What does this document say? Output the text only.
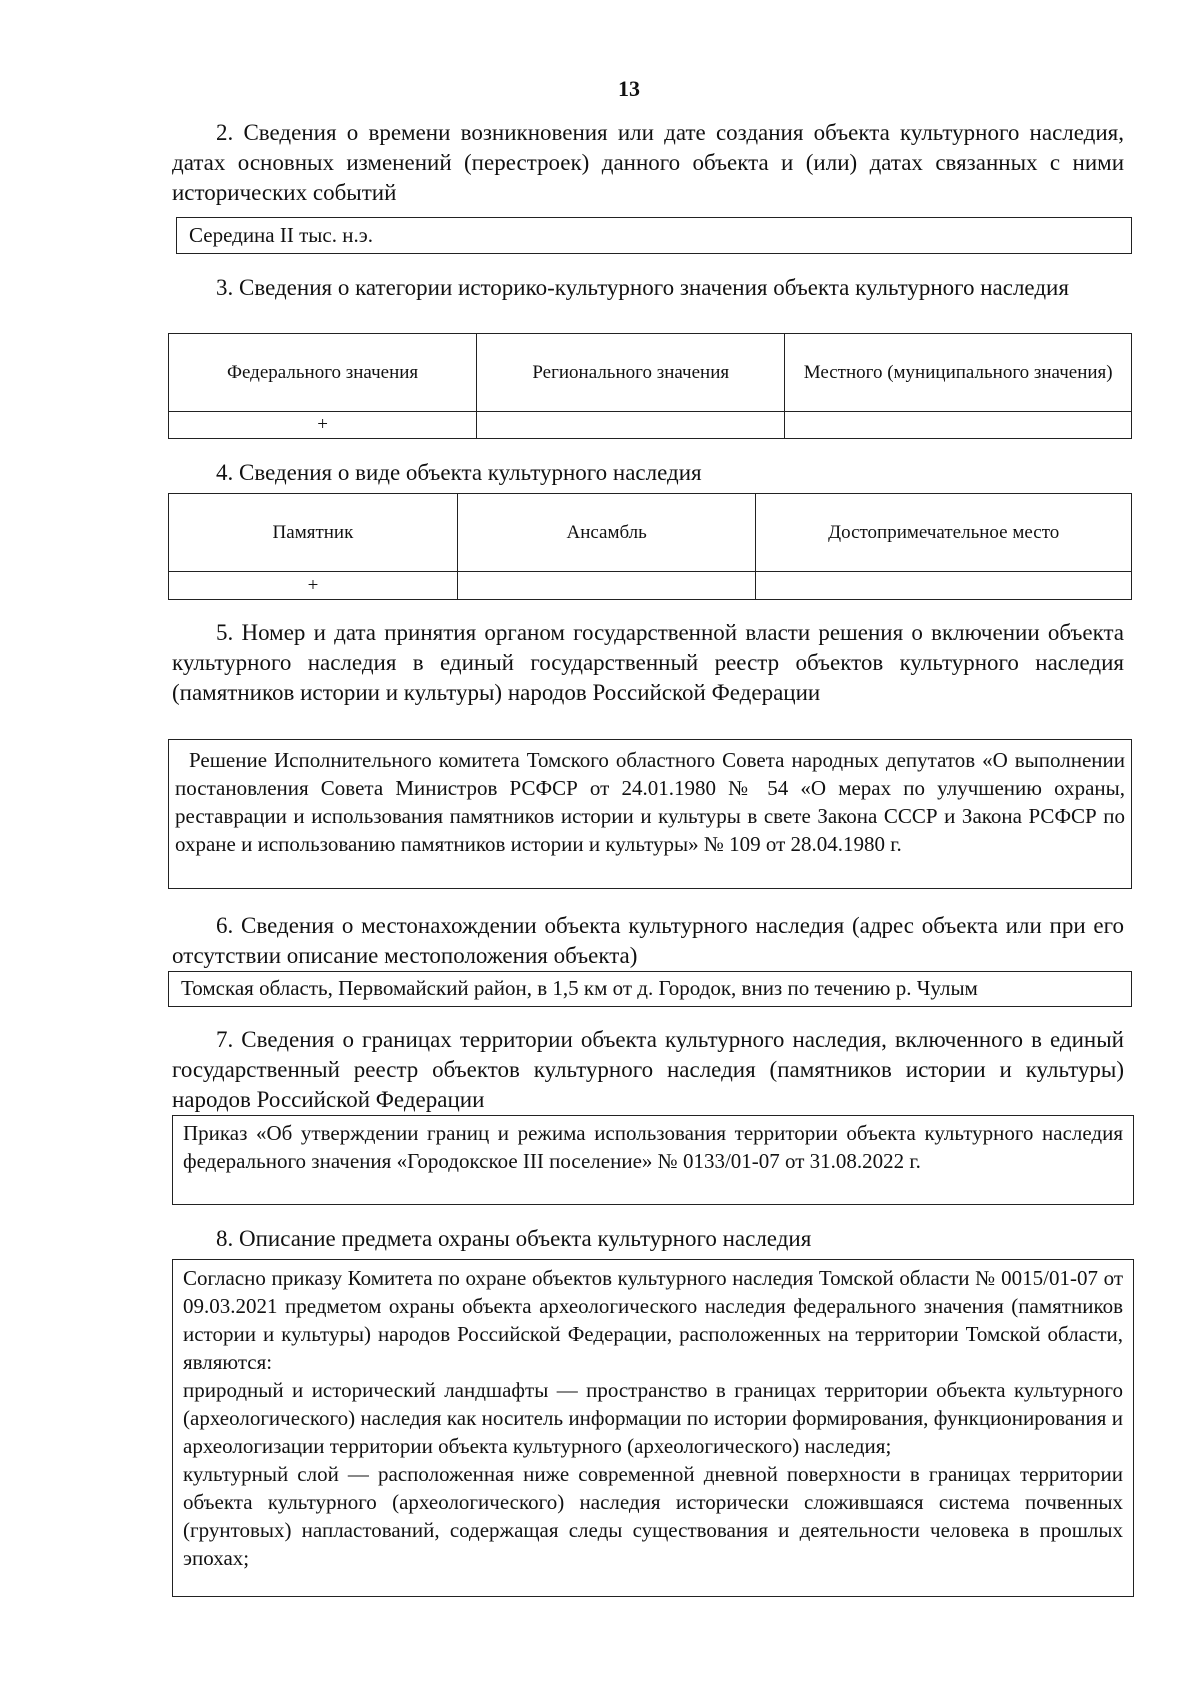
13
2. Сведения о времени возникновения или дате создания объекта культурного наследия, датах основных изменений (перестроек) данного объекта и (или) датах связанных с ними исторических событий
Середина II тыс. н.э.
3. Сведения о категории историко-культурного значения объекта культурного наследия
Федерального значения	Регионального значения	Местного (муниципального значения)
+		
4. Сведения о виде объекта культурного наследия
Памятник	Ансамбль	Достопримечательное место
+		
5. Номер и дата принятия органом государственной власти решения о включении объекта культурного наследия в единый государственный реестр объектов культурного наследия (памятников истории и культуры) народов Российской Федерации
Решение Исполнительного комитета Томского областного Совета народных депутатов «О выполнении постановления Совета Министров РСФСР от 24.01.1980 № 54 «О мерах по улучшению охраны, реставрации и использования памятников истории и культуры в свете Закона СССР и Закона РСФСР по охране и использованию памятников истории и культуры» № 109 от 28.04.1980 г.
6. Сведения о местонахождении объекта культурного наследия (адрес объекта или при его отсутствии описание местоположения объекта)
Томская область, Первомайский район, в 1,5 км от д. Городок, вниз по течению р. Чулым
7. Сведения о границах территории объекта культурного наследия, включенного в единый государственный реестр объектов культурного наследия (памятников истории и культуры) народов Российской Федерации
Приказ «Об утверждении границ и режима использования территории объекта культурного наследия федерального значения «Городокское III поселение» № 0133/01-07 от 31.08.2022 г.
8. Описание предмета охраны объекта культурного наследия

Согласно приказу Комитета по охране объектов культурного наследия Томской области № 0015/01-07 от 09.03.2021 предметом охраны объекта археологического наследия федерального значения (памятников истории и культуры) народов Российской Федерации, расположенных на территории Томской области, являются:

природный и исторический ландшафты — пространство в границах территории объекта культурного (археологического) наследия как носитель информации по истории формирования, функционирования и археологизации территории объекта культурного (археологического) наследия;

культурный слой — расположенная ниже современной дневной поверхности в границах территории объекта культурного (археологического) наследия исторически сложившаяся система почвенных (грунтовых) напластований, содержащая следы существования и деятельности человека в прошлых эпохах;
